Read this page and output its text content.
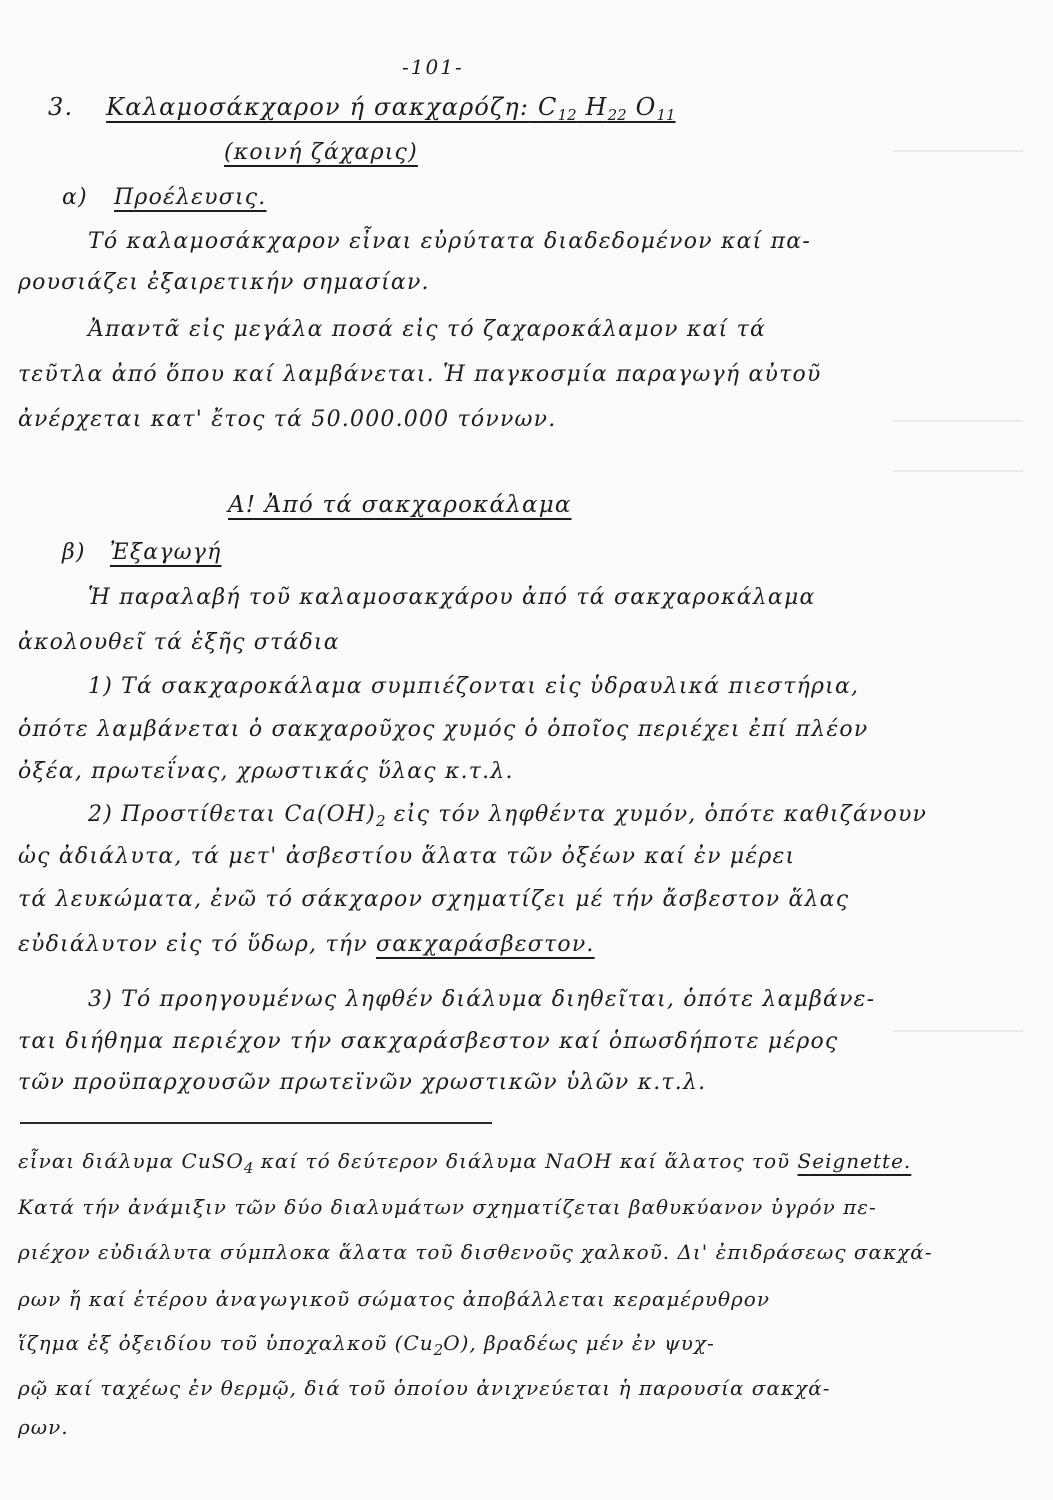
-101-
3. Καλαμοσάκχαρον ή σακχαρόζη: $C_{12}$ $H_{22}$ $O_{11}$
(κοινή ζάχαρις)
α) Προέλευσις.
Τό καλαμοσάκχαρον εἶναι εὐρύτατα διαδεδομένον καί πα-
ρουσιάζει ἐξαιρετικήν σημασίαν.
Ἀπαντᾶ εἰς μεγάλα ποσά εἰς τό ζαχαροκάλαμον καί τά
τεῦτλα ἀπό ὅπου καί λαμβάνεται. Ἡ παγκοσμία παραγωγή αὐτοῦ
ἀνέρχεται κατ' ἔτος τά 50.000.000 τόννων.
Α! Ἀπό τά σακχαροκάλαμα
β) Ἐξαγωγή
Ἡ παραλαβή τοῦ καλαμοσακχάρου ἀπό τά σακχαροκάλαμα
ἀκολουθεῖ τά ἑξῆς στάδια
1) Τά σακχαροκάλαμα συμπιέζονται εἰς ὑδραυλικά πιεστήρια,
ὁπότε λαμβάνεται ὁ σακχαροῦχος χυμός ὁ ὁποῖος περιέχει ἐπί πλέον
ὀξέα, πρωτεΐνας, χρωστικάς ὕλας κ.τ.λ.
2) Προστίθεται $Ca(OH)_2$ εἰς τόν ληφθέντα χυμόν, ὁπότε καθιζάνουν
ὡς ἀδιάλυτα, τά μετ' ἀσβεστίου ἅλατα τῶν ὀξέων καί ἐν μέρει
τά λευκώματα, ἐνῶ τό σάκχαρον σχηματίζει μέ τήν ἄσβεστον ἅλας
εὐδιάλυτον εἰς τό ὕδωρ, τήν σακχαράσβεστον.
3) Τό προηγουμένως ληφθέν διάλυμα διηθεῖται, ὁπότε λαμβάνε-
ται διήθημα περιέχον τήν σακχαράσβεστον καί ὁπωσδήποτε μέρος
τῶν προϋπαρχουσῶν πρωτεϊνῶν χρωστικῶν ὑλῶν κ.τ.λ.
εἶναι διάλυμα CuSO$_4$ καί τό δεύτερον διάλυμα NaOH καί ἅλατος τοῦ Seignette.
Κατά τήν ἀνάμιξιν τῶν δύο διαλυμάτων σχηματίζεται βαθυκύανον ὑγρόν πε-
ριέχον εὐδιάλυτα σύμπλοκα ἅλατα τοῦ δισθενοῦς χαλκοῦ. Δι' ἐπιδράσεως σακχά-
ρων ἤ καί ἑτέρου ἀναγωγικοῦ σώματος ἀποβάλλεται κεραμέρυθρον
ἵζημα ἐξ ὀξειδίου τοῦ ὑποχαλκοῦ $(Cu_2O)$, βραδέως μέν ἐν ψυχ-
ρῷ καί ταχέως ἐν θερμῷ, διά τοῦ ὁποίου ἀνιχνεύεται ἡ παρουσία σακχά-
ρων.
